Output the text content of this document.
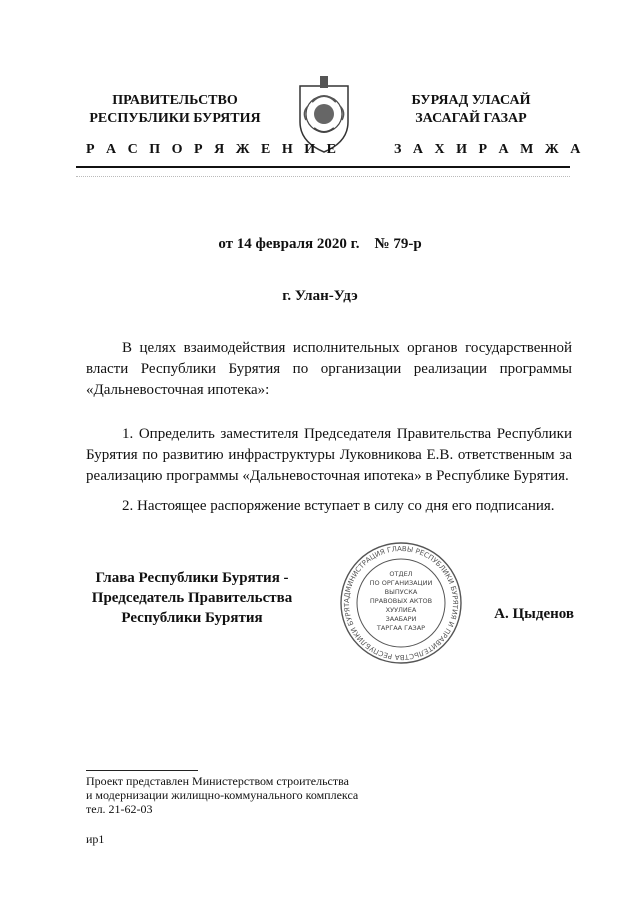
ПРАВИТЕЛЬСТВО
РЕСПУБЛИКИ БУРЯТИЯ
БУРЯАД УЛАСАЙ
ЗАСАГАЙ ГАЗАР
Р А С П О Р Я Ж Е Н И Е	З А Х И Р А М Ж А
от 14 февраля 2020 г.    № 79-р
г. Улан-Удэ
В целях взаимодействия исполнительных органов государственной власти Республики Бурятия по организации реализации программы «Дальневосточная ипотека»:
1. Определить заместителя Председателя Правительства Республики Бурятия по развитию инфраструктуры Луковникова Е.В. ответственным за реализацию программы «Дальневосточная ипотека» в Республике Бурятия.
2. Настоящее распоряжение вступает в силу со дня его подписания.
Глава Республики Бурятия -
Председатель Правительства
Республики Бурятия
АДМИНИСТРАЦИЯ ГЛАВЫ РЕСПУБЛИКИ БУРЯТИЯ И ПРАВИТЕЛЬСТВА РЕСПУБЛИКИ БУРЯТ
ОТДЕЛ
ПО ОРГАНИЗАЦИИ
ВЫПУСКА
ПРАВОВЫХ АКТОВ
ХУУЛИЕА
ЗААБАРИ
ТАРГАА ГАЗАР
А. Цыденов
Проект представлен Министерством строительства
и модернизации жилищно-коммунального комплекса
тел. 21-62-03
ир1
